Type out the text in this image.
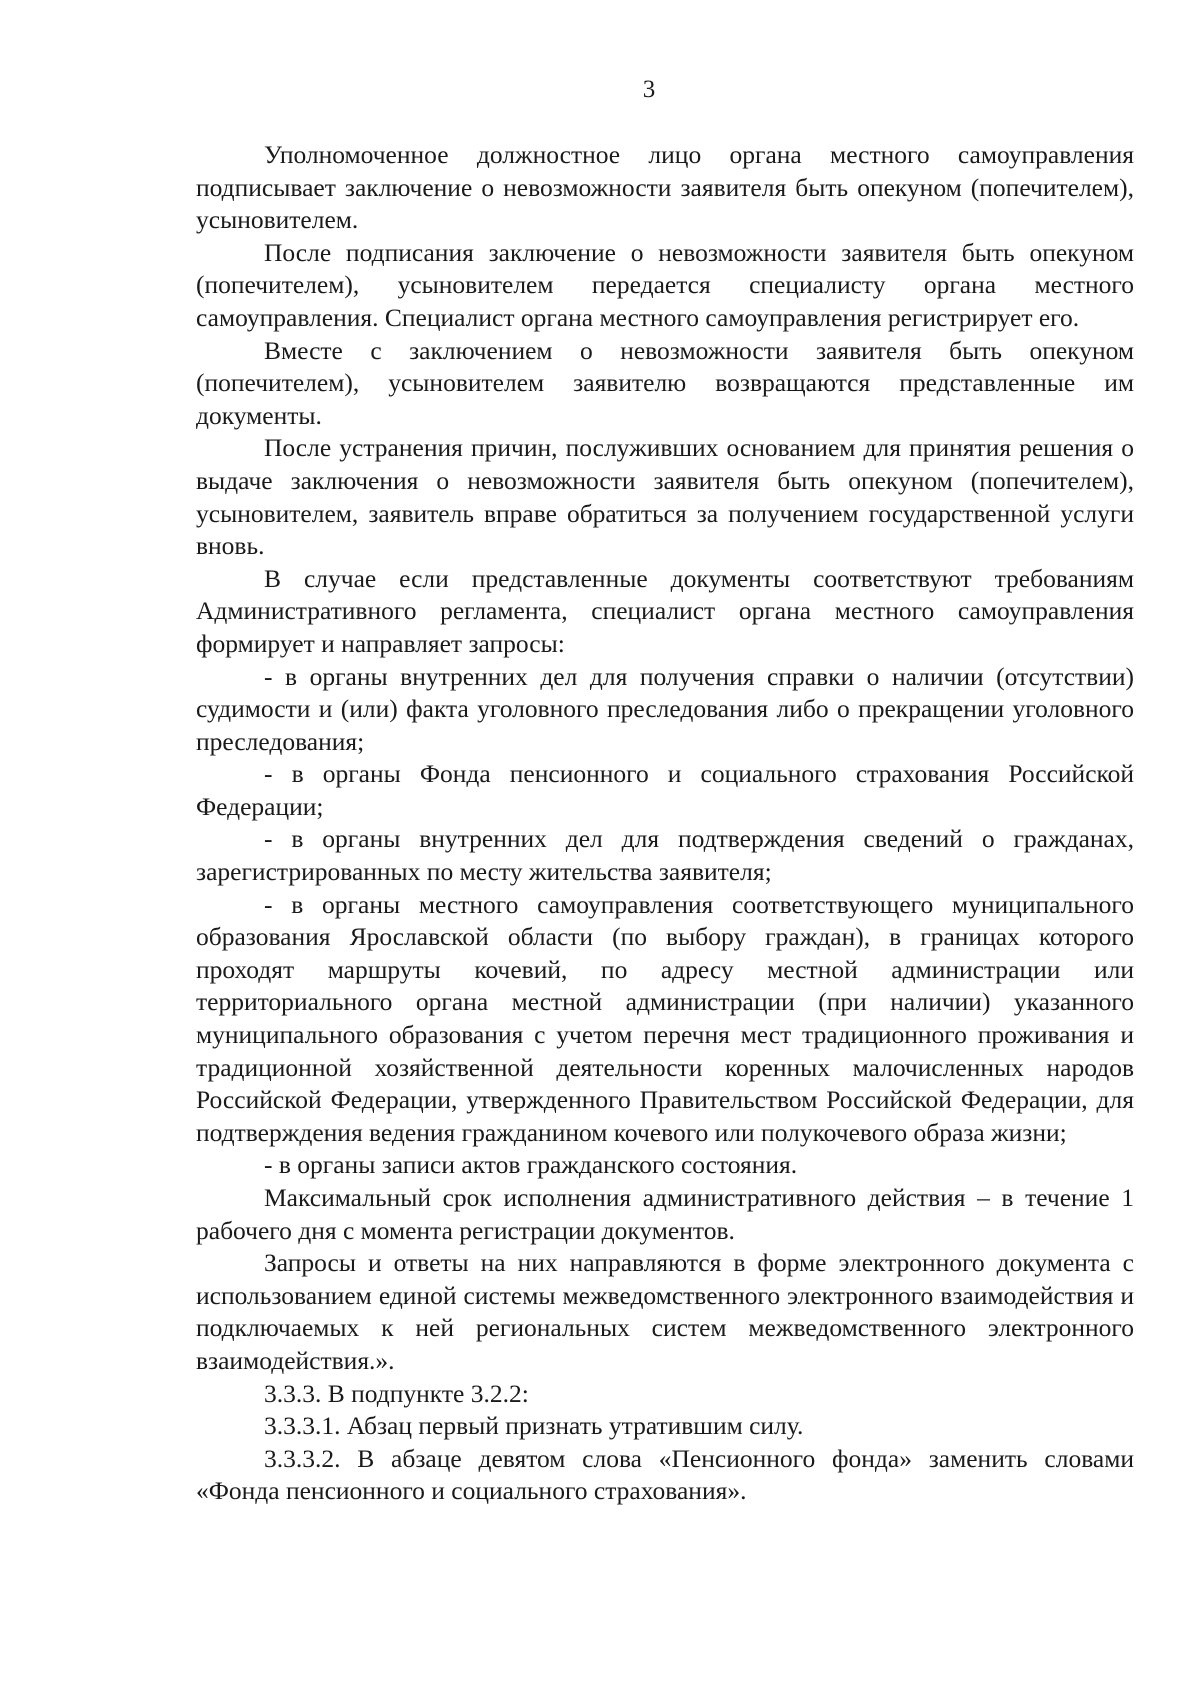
3

Уполномоченное должностное лицо органа местного самоуправления подписывает заключение о невозможности заявителя быть опекуном (попечителем), усыновителем.

После подписания заключение о невозможности заявителя быть опекуном (попечителем), усыновителем передается специалисту органа местного самоуправления. Специалист органа местного самоуправления регистрирует его.

Вместе с заключением о невозможности заявителя быть опекуном (попечителем), усыновителем заявителю возвращаются представленные им документы.

После устранения причин, послуживших основанием для принятия решения о выдаче заключения о невозможности заявителя быть опекуном (попечителем), усыновителем, заявитель вправе обратиться за получением государственной услуги вновь.

В случае если представленные документы соответствуют требованиям Административного регламента, специалист органа местного самоуправления формирует и направляет запросы:

- в органы внутренних дел для получения справки о наличии (отсутствии) судимости и (или) факта уголовного преследования либо о прекращении уголовного преследования;

- в органы Фонда пенсионного и социального страхования Российской Федерации;

- в органы внутренних дел для подтверждения сведений о гражданах, зарегистрированных по месту жительства заявителя;

- в органы местного самоуправления соответствующего муниципального образования Ярославской области (по выбору граждан), в границах которого проходят маршруты кочевий, по адресу местной администрации или территориального органа местной администрации (при наличии) указанного муниципального образования с учетом перечня мест традиционного проживания и традиционной хозяйственной деятельности коренных малочисленных народов Российской Федерации, утвержденного Правительством Российской Федерации, для подтверждения ведения гражданином кочевого или полукочевого образа жизни;

- в органы записи актов гражданского состояния.

Максимальный срок исполнения административного действия – в течение 1 рабочего дня с момента регистрации документов.

Запросы и ответы на них направляются в форме электронного документа с использованием единой системы межведомственного электронного взаимодействия и подключаемых к ней региональных систем межведомственного электронного взаимодействия.».

3.3.3. В подпункте 3.2.2:

3.3.3.1. Абзац первый признать утратившим силу.

3.3.3.2. В абзаце девятом слова «Пенсионного фонда» заменить словами «Фонда пенсионного и социального страхования».
